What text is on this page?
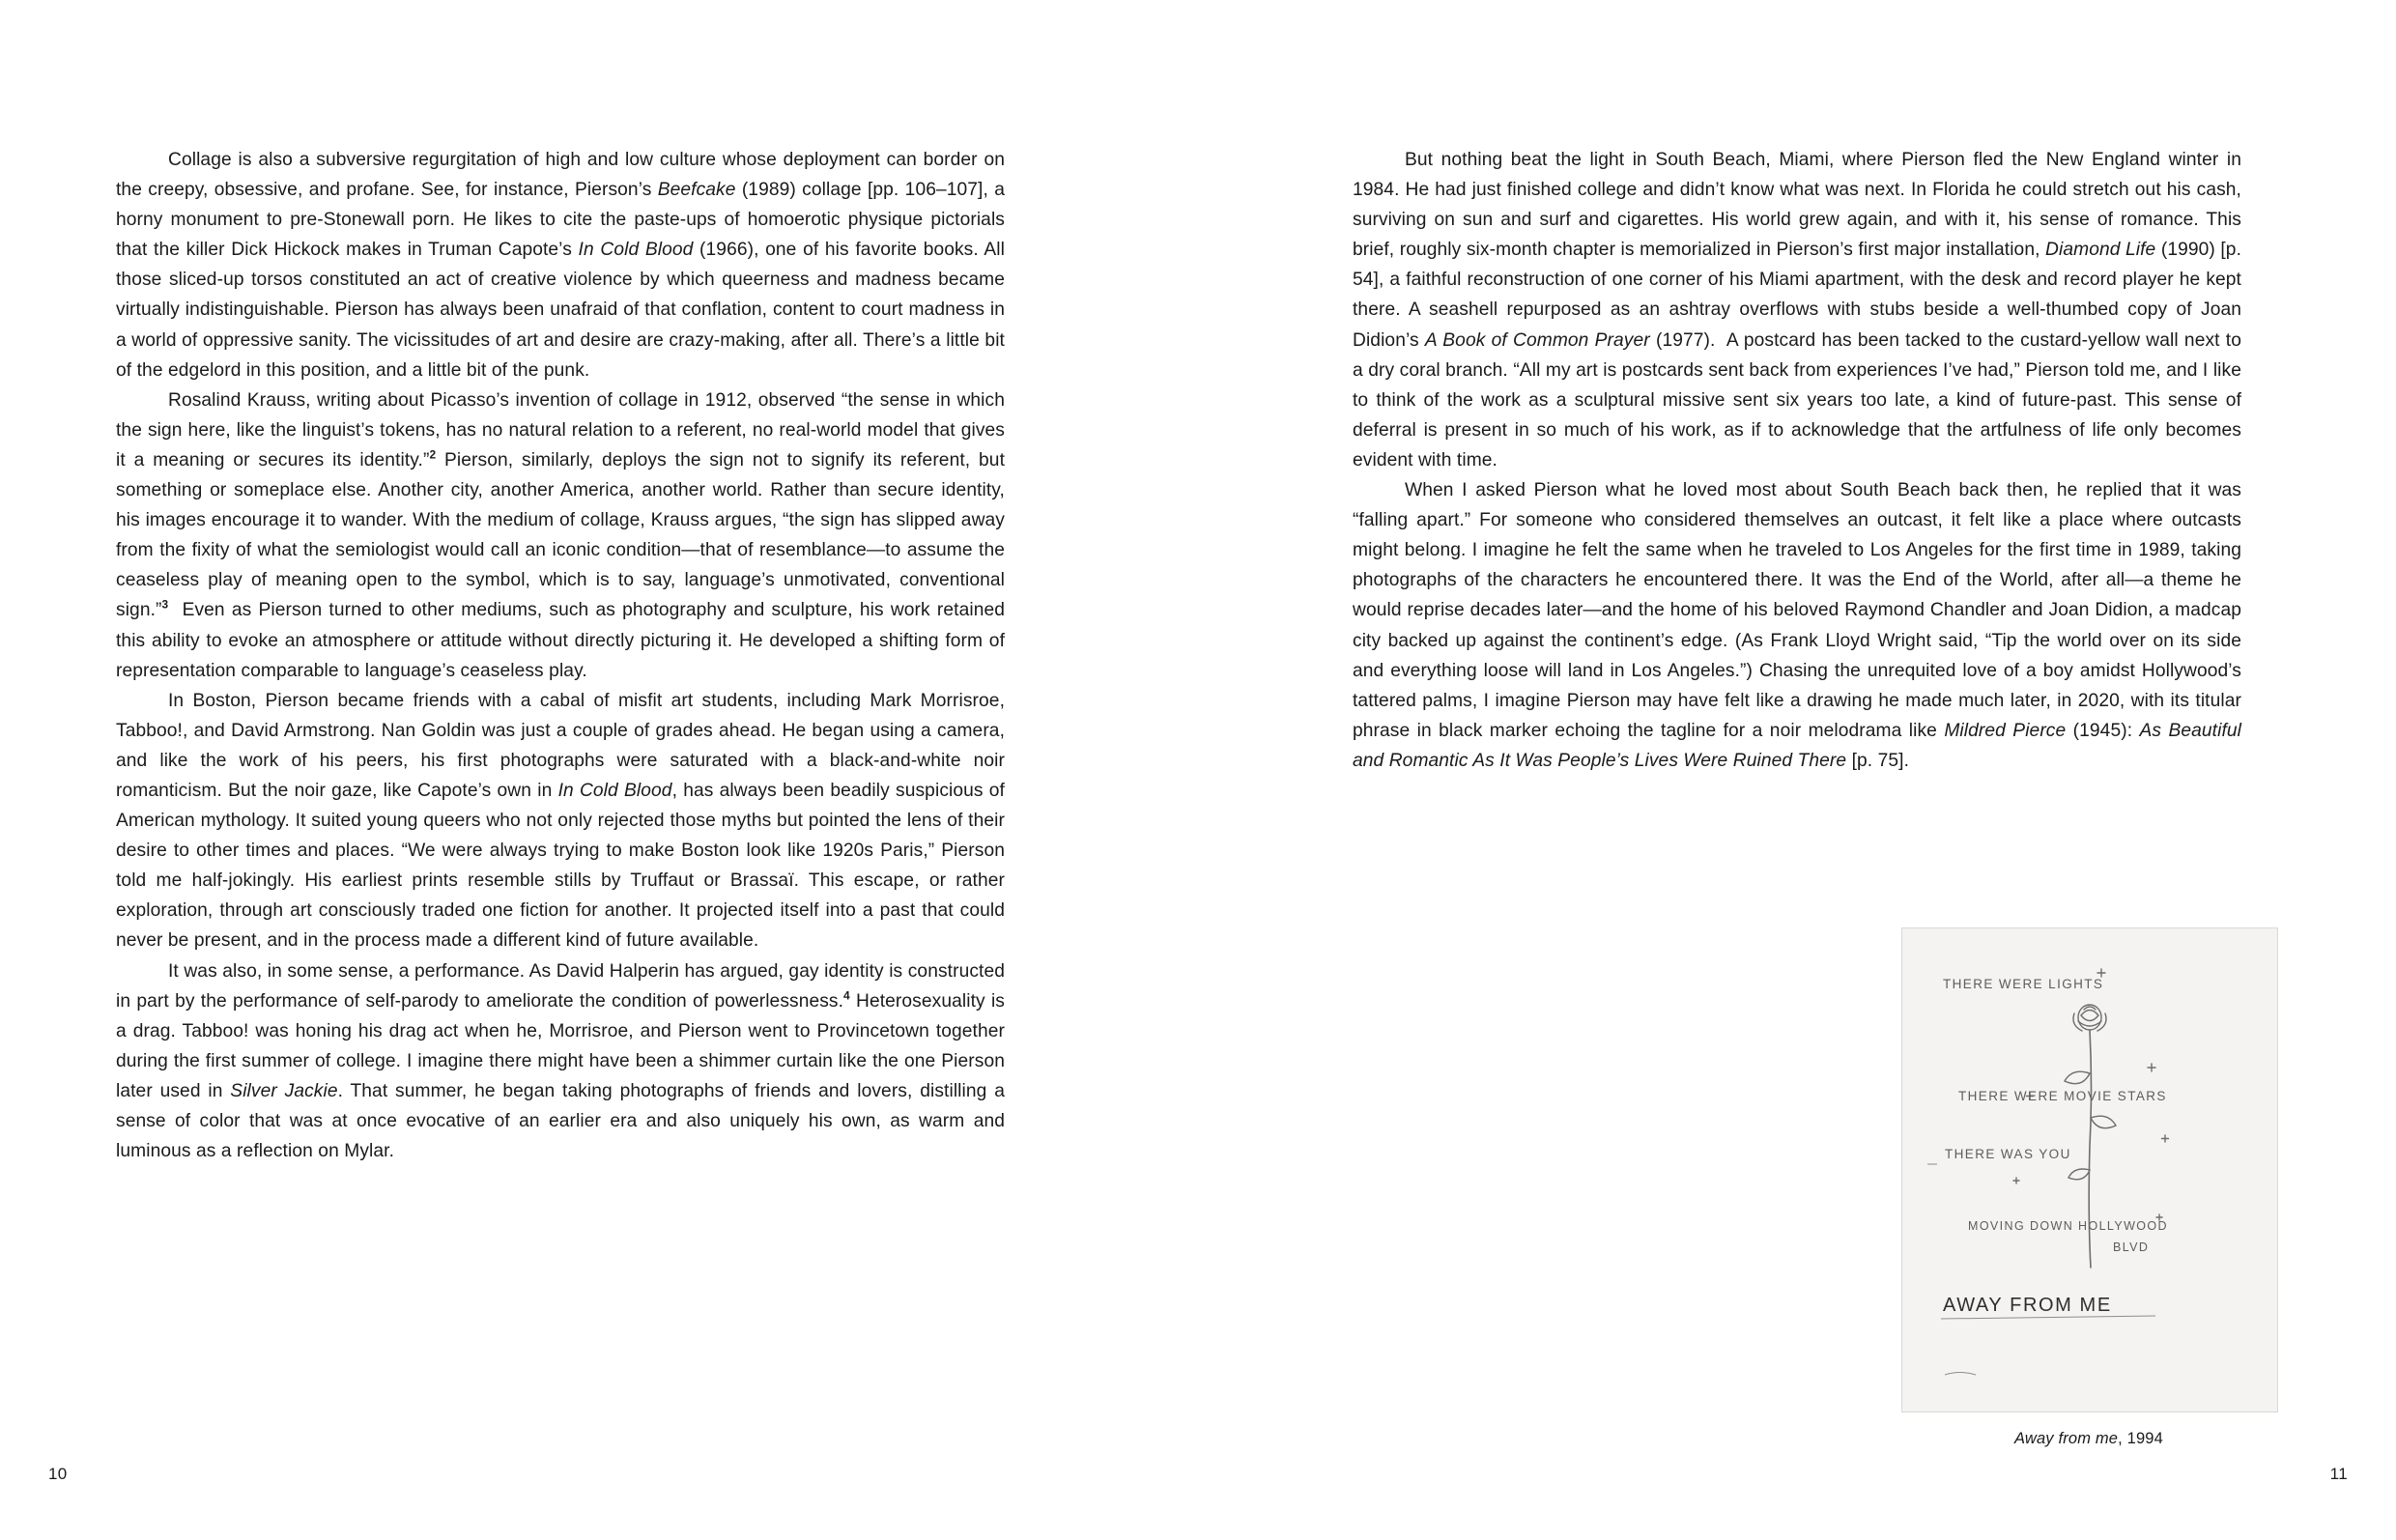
Collage is also a subversive regurgitation of high and low culture whose deployment can border on the creepy, obsessive, and profane. See, for instance, Pierson’s Beefcake (1989) collage [pp. 106–107], a horny monument to pre-Stonewall porn. He likes to cite the paste-ups of homoerotic physique pictorials that the killer Dick Hickock makes in Truman Capote’s In Cold Blood (1966), one of his favorite books. All those sliced-up torsos constituted an act of creative violence by which queerness and madness became virtually indistinguishable. Pierson has always been unafraid of that conflation, content to court madness in a world of oppressive sanity. The vicissitudes of art and desire are crazy-making, after all. There’s a little bit of the edgelord in this position, and a little bit of the punk.

Rosalind Krauss, writing about Picasso’s invention of collage in 1912, observed “the sense in which the sign here, like the linguist’s tokens, has no natural relation to a referent, no real-world model that gives it a meaning or secures its identity.”$^2$ Pierson, similarly, deploys the sign not to signify its referent, but something or someplace else. Another city, another America, another world. Rather than secure identity, his images encourage it to wander. With the medium of collage, Krauss argues, “the sign has slipped away from the fixity of what the semiologist would call an iconic condition—that of resemblance—to assume the ceaseless play of meaning open to the symbol, which is to say, language’s unmotivated, conventional sign.”$^3$  Even as Pierson turned to other mediums, such as photography and sculpture, his work retained this ability to evoke an atmosphere or attitude without directly picturing it. He developed a shifting form of representation comparable to language’s ceaseless play.

In Boston, Pierson became friends with a cabal of misfit art students, including Mark Morrisroe, Tabboo!, and David Armstrong. Nan Goldin was just a couple of grades ahead. He began using a camera, and like the work of his peers, his first photographs were saturated with a black-and-white noir romanticism. But the noir gaze, like Capote’s own in In Cold Blood, has always been beadily suspicious of American mythology. It suited young queers who not only rejected those myths but pointed the lens of their desire to other times and places. “We were always trying to make Boston look like 1920s Paris,” Pierson told me half-jokingly. His earliest prints resemble stills by Truffaut or Brassaï. This escape, or rather exploration, through art consciously traded one fiction for another. It projected itself into a past that could never be present, and in the process made a different kind of future available.

It was also, in some sense, a performance. As David Halperin has argued, gay identity is constructed in part by the performance of self-parody to ameliorate the condition of powerlessness.$^4$ Heterosexuality is a drag. Tabboo! was honing his drag act when he, Morrisroe, and Pierson went to Provincetown together during the first summer of college. I imagine there might have been a shimmer curtain like the one Pierson later used in Silver Jackie. That summer, he began taking photographs of friends and lovers, distilling a sense of color that was at once evocative of an earlier era and also uniquely his own, as warm and luminous as a reflection on Mylar.

10

But nothing beat the light in South Beach, Miami, where Pierson fled the New England winter in 1984. He had just finished college and didn’t know what was next. In Florida he could stretch out his cash, surviving on sun and surf and cigarettes. His world grew again, and with it, his sense of romance. This brief, roughly six-month chapter is memorialized in Pierson’s first major installation, Diamond Life (1990) [p. 54], a faithful reconstruction of one corner of his Miami apartment, with the desk and record player he kept there. A seashell repurposed as an ashtray overflows with stubs beside a well-thumbed copy of Joan Didion’s A Book of Common Prayer (1977).  A postcard has been tacked to the custard-yellow wall next to a dry coral branch. “All my art is postcards sent back from experiences I’ve had,” Pierson told me, and I like to think of the work as a sculptural missive sent six years too late, a kind of future-past. This sense of deferral is present in so much of his work, as if to acknowledge that the artfulness of life only becomes evident with time.

When I asked Pierson what he loved most about South Beach back then, he replied that it was “falling apart.” For someone who considered themselves an outcast, it felt like a place where outcasts might belong. I imagine he felt the same when he traveled to Los Angeles for the first time in 1989, taking photographs of the characters he encountered there. It was the End of the World, after all—a theme he would reprise decades later—and the home of his beloved Raymond Chandler and Joan Didion, a madcap city backed up against the continent’s edge. (As Frank Lloyd Wright said, “Tip the world over on its side and everything loose will land in Los Angeles.”) Chasing the unrequited love of a boy amidst Hollywood’s tattered palms, I imagine Pierson may have felt like a drawing he made much later, in 2020, with its titular phrase in black marker echoing the tagline for a noir melodrama like Mildred Pierce (1945): As Beautiful and Romantic As It Was People’s Lives Were Ruined There [p. 75].

THERE WERE LIGHTS
THERE WERE MOVIE STARS
THERE WAS YOU
MOVING DOWN HOLLYWOOD
BLVD
AWAY FROM ME
Away from me, 1994
11
